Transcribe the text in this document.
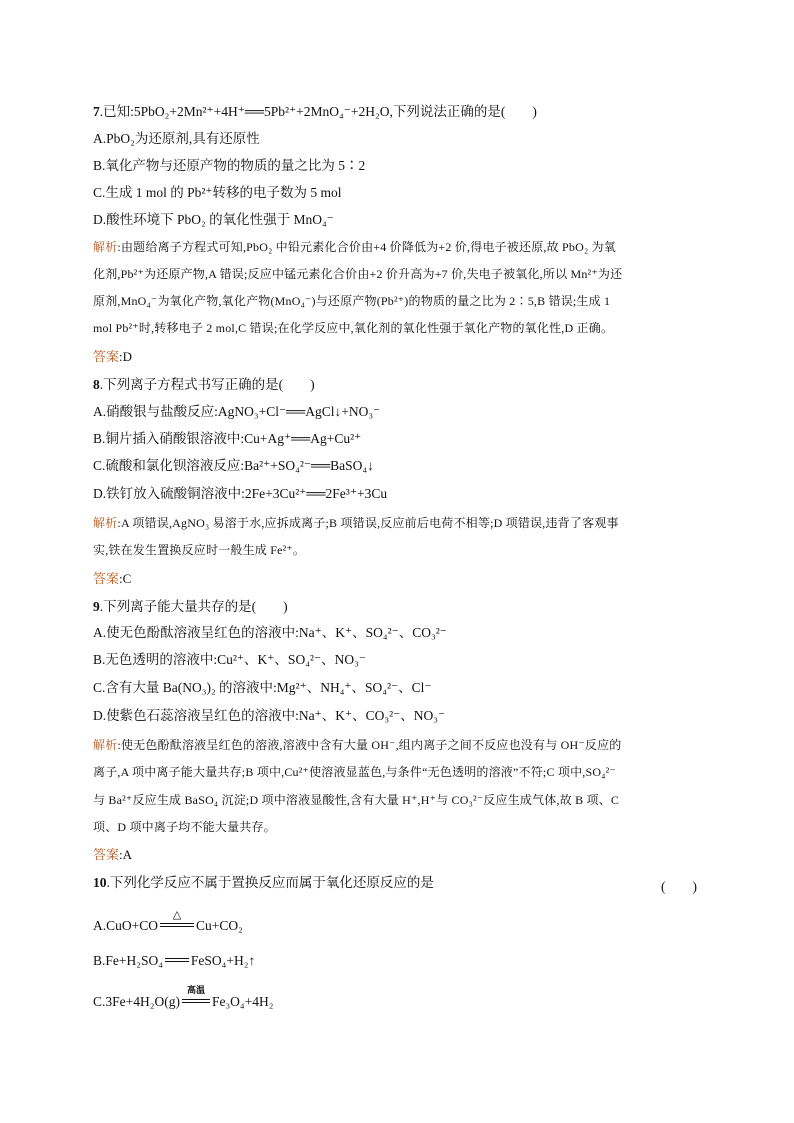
7.已知:5PbO₂+2Mn²⁺+4H⁺══5Pb²⁺+2MnO₄⁻+2H₂O,下列说法正确的是(　　)
A.PbO₂为还原剂,具有还原性
B.氧化产物与还原产物的物质的量之比为 5∶2
C.生成 1 mol 的 Pb²⁺转移的电子数为 5 mol
D.酸性环境下 PbO₂ 的氧化性强于 MnO₄⁻
解析:由题给离子方程式可知,PbO₂ 中铅元素化合价由+4 价降低为+2 价,得电子被还原,故 PbO₂ 为氧
化剂,Pb²⁺为还原产物,A 错误;反应中锰元素化合价由+2 价升高为+7 价,失电子被氧化,所以 Mn²⁺为还
原剂,MnO₄⁻为氧化产物,氧化产物(MnO₄⁻)与还原产物(Pb²⁺)的物质的量之比为 2∶5,B 错误;生成 1
mol Pb²⁺时,转移电子 2 mol,C 错误;在化学反应中,氧化剂的氧化性强于氧化产物的氧化性,D 正确。
答案:D
8.下列离子方程式书写正确的是(　　)
A.硝酸银与盐酸反应:AgNO₃+Cl⁻══AgCl↓+NO₃⁻
B.铜片插入硝酸银溶液中:Cu+Ag⁺══Ag+Cu²⁺
C.硫酸和氯化钡溶液反应:Ba²⁺+SO₄²⁻══BaSO₄↓
D.铁钉放入硫酸铜溶液中:2Fe+3Cu²⁺══2Fe³⁺+3Cu
解析:A 项错误,AgNO₃ 易溶于水,应拆成离子;B 项错误,反应前后电荷不相等;D 项错误,违背了客观事
实,铁在发生置换反应时一般生成 Fe²⁺。
答案:C
9.下列离子能大量共存的是(　　)
A.使无色酚酞溶液呈红色的溶液中:Na⁺、K⁺、SO₄²⁻、CO₃²⁻
B.无色透明的溶液中:Cu²⁺、K⁺、SO₄²⁻、NO₃⁻
C.含有大量 Ba(NO₃)₂ 的溶液中:Mg²⁺、NH₄⁺、SO₄²⁻、Cl⁻
D.使紫色石蕊溶液呈红色的溶液中:Na⁺、K⁺、CO₃²⁻、NO₃⁻
解析:使无色酚酞溶液呈红色的溶液,溶液中含有大量 OH⁻,组内离子之间不反应也没有与 OH⁻反应的
离子,A 项中离子能大量共存;B 项中,Cu²⁺使溶液显蓝色,与条件“无色透明的溶液”不符;C 项中,SO₄²⁻
与 Ba²⁺反应生成 BaSO₄ 沉淀;D 项中溶液显酸性,含有大量 H⁺,H⁺与 CO₃²⁻反应生成气体,故 B 项、C
项、D 项中离子均不能大量共存。
答案:A
10.下列化学反应不属于置换反应而属于氧化还原反应的是	(　　)
A.CuO+CO
△
Cu+CO₂
B.Fe+H₂SO₄ FeSO₄+H₂↑
C.3Fe+4H₂O(g)
高温
Fe₃O₄+4H₂
